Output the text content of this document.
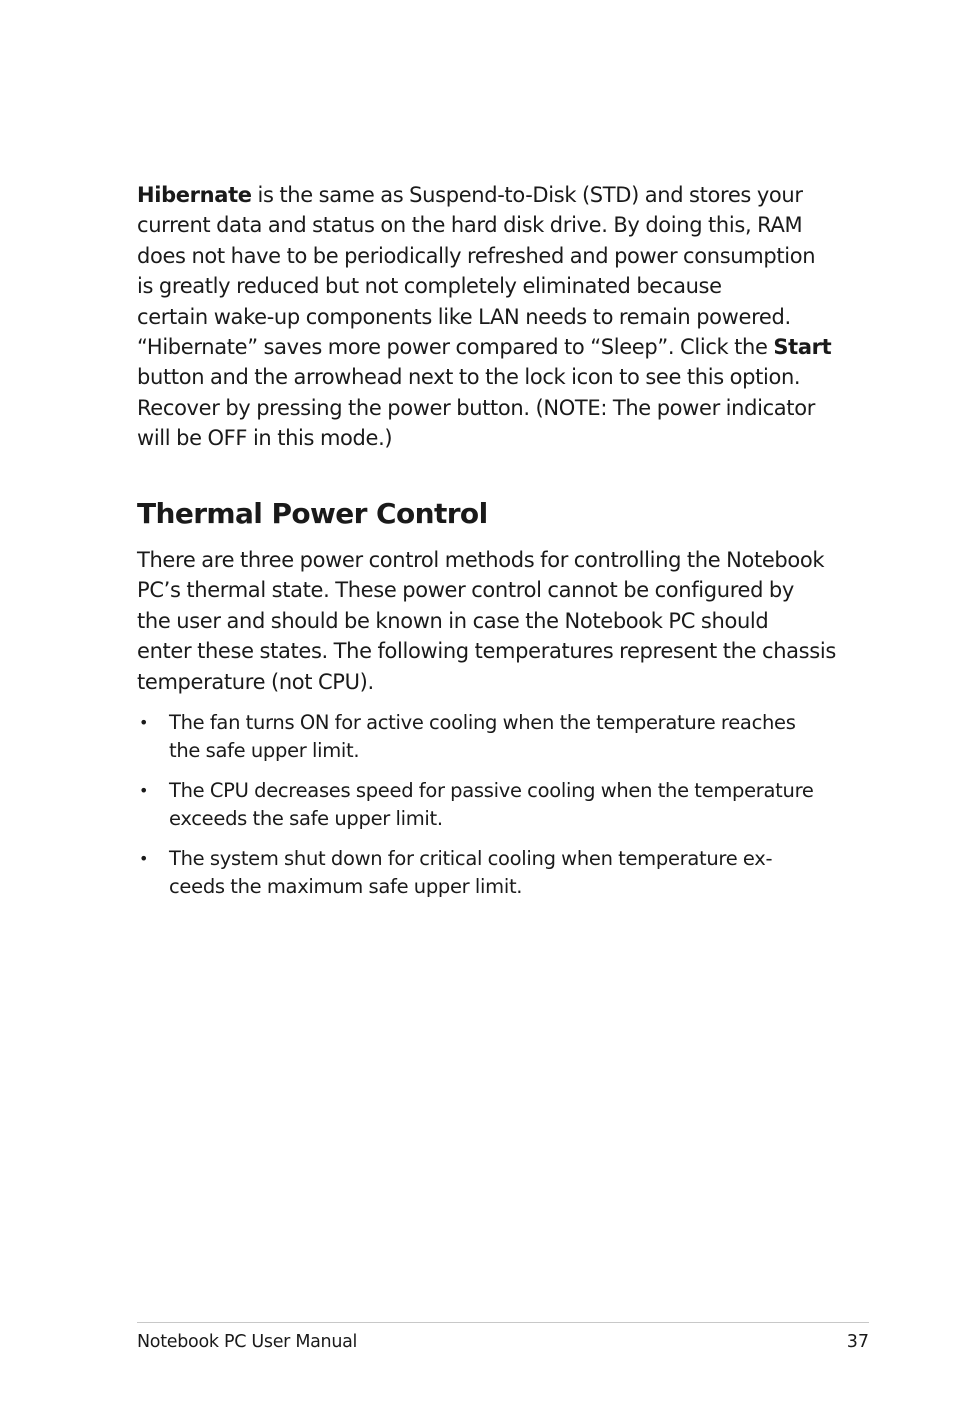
Hibernate is the same as Suspend-to-Disk (STD) and stores your
current data and status on the hard disk drive. By doing this, RAM
does not have to be periodically refreshed and power consumption
is greatly reduced but not completely eliminated because
certain wake-up components like LAN needs to remain powered.
“Hibernate” saves more power compared to “Sleep”. Click the Start
button and the arrowhead next to the lock icon to see this option.
Recover by pressing the power button. (NOTE: The power indicator
will be OFF in this mode.)

Thermal Power Control

There are three power control methods for controlling the Notebook
PC’s thermal state. These power control cannot be configured by
the user and should be known in case the Notebook PC should
enter these states. The following temperatures represent the chassis
temperature (not CPU).

• The fan turns ON for active cooling when the temperature reaches
the safe upper limit.
• The CPU decreases speed for passive cooling when the temperature
exceeds the safe upper limit.
• The system shut down for critical cooling when temperature ex-
ceeds the maximum safe upper limit.
Notebook PC User Manual	37
